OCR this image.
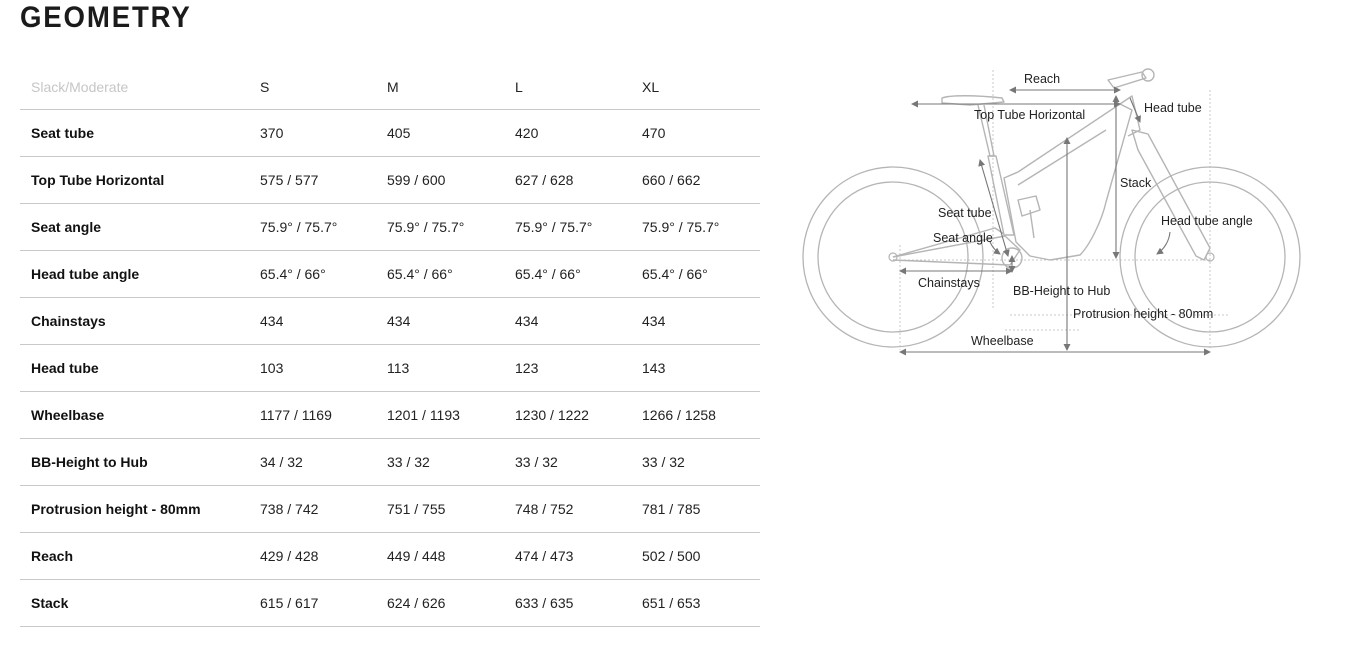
GEOMETRY
Slack/Moderate	S	M	L	XL
Seat tube	370	405	420	470
Top Tube Horizontal	575 / 577	599 / 600	627 / 628	660 / 662
Seat angle	75.9° / 75.7°	75.9° / 75.7°	75.9° / 75.7°	75.9° / 75.7°
Head tube angle	65.4° / 66°	65.4° / 66°	65.4° / 66°	65.4° / 66°
Chainstays	434	434	434	434
Head tube	103	113	123	143
Wheelbase	1177 / 1169	1201 / 1193	1230 / 1222	1266 / 1258
BB-Height to Hub	34 / 32	33 / 32	33 / 32	33 / 32
Protrusion height - 80mm	738 / 742	751 / 755	748 / 752	781 / 785
Reach	429 / 428	449 / 448	474 / 473	502 / 500
Stack	615 / 617	624 / 626	633 / 635	651 / 653
Reach
Top Tube Horizontal	Head tube
Stack
Seat tube
Seat angle
Head tube angle
Chainstays
BB-Height to Hub
Protrusion height - 80mm
Wheelbase
